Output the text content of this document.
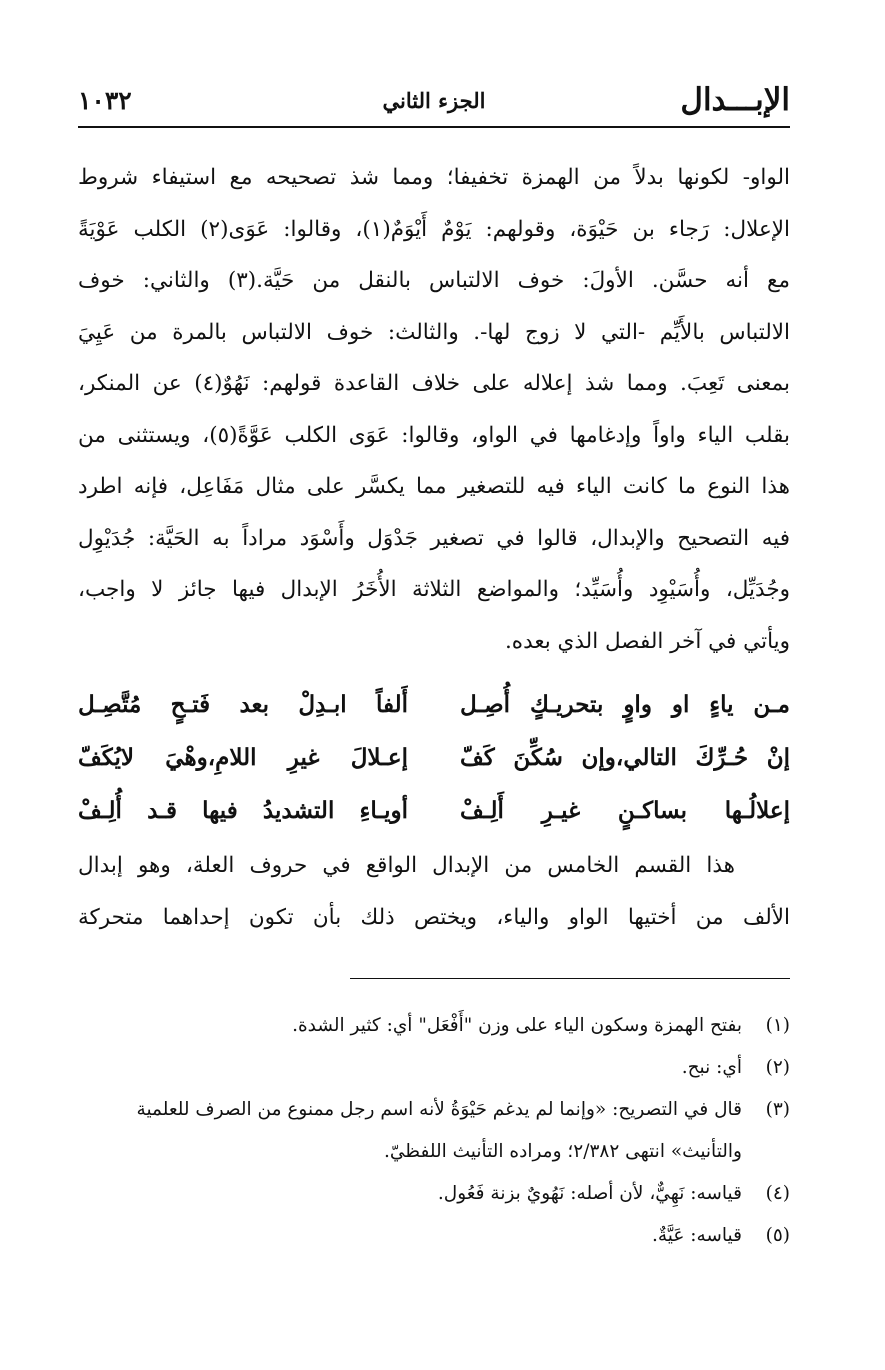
الإبـــدال
الجزء الثاني
١٠٣٢
الواو- لكونها بدلاً من الهمزة تخفيفا؛ ومما شذ تصحيحه مع استيفاء شروط
الإعلال: رَجاء بن حَيْوَة، وقولهم: يَوْمٌ أَيْوَمٌ(١)، وقالوا: عَوَى(٢) الكلب عَوْيَةً
مع أنه حسَّن. الأولَ: خوف الالتباس بالنقل من حَيَّة.(٣) والثاني: خوف
الالتباس بالأَيِّم -التي لا زوج لها-. والثالث: خوف الالتباس بالمرة من عَيِيَ
بمعنى تَعِبَ. ومما شذ إعلاله على خلاف القاعدة قولهم: نَهُوٌ(٤) عن المنكر،
بقلب الياء واواً وإدغامها في الواو، وقالوا: عَوَى الكلب عَوَّةً(٥)، ويستثنى من
هذا النوع ما كانت الياء فيه للتصغير مما يكسَّر على مثال مَفَاعِل، فإنه اطرد
فيه التصحيح والإبدال، قالوا في تصغير جَدْوَل وأَسْوَد مراداً به الحَيَّة: جُدَيْوِل
وجُدَيِّل، وأُسَيْوِد وأُسَيِّد؛ والمواضع الثلاثة الأُخَرُ الإبدال فيها جائز لا واجب،
ويأتي في آخر الفصل الذي بعده.
مـن ياءٍ او واوٍ بتحريـكٍ أُصِـل
أَلفاً ابـدِلْ بعد فَتـحٍ مُتَّصِـل
إنْ حُـرِّكَ التالي،وإن سُكِّنَ كَفّ
إعـلالَ غيرِ اللامِ،وهْيَ لايُكَفّ
إعلالُـها بساكـنٍ غيـرِ أَلِـفْ
أويـاءِ التشديدُ فيها قـد أُلِـفْ
هذا القسم الخامس من الإبدال الواقع في حروف العلة، وهو إبدال
الألف من أختيها الواو والياء، ويختص ذلك بأن تكون إحداهما متحركة
(١)
بفتح الهمزة وسكون الياء على وزن "أَفْعَل" أي: كثير الشدة.
(٢)
أي: نبح.
(٣)
قال في التصريح: «وإنما لم يدغم حَيْوَةُ لأنه اسم رجل ممنوع من الصرف للعلمية
والتأنيث» انتهى ٢/٣٨٢؛ ومراده التأنيث اللفظيّ.
(٤)
قياسه: نَهِيٌّ، لأن أصله: نَهُويٌ بزنة فَعُول.
(٥)
قياسه: عَيَّةٌ.
